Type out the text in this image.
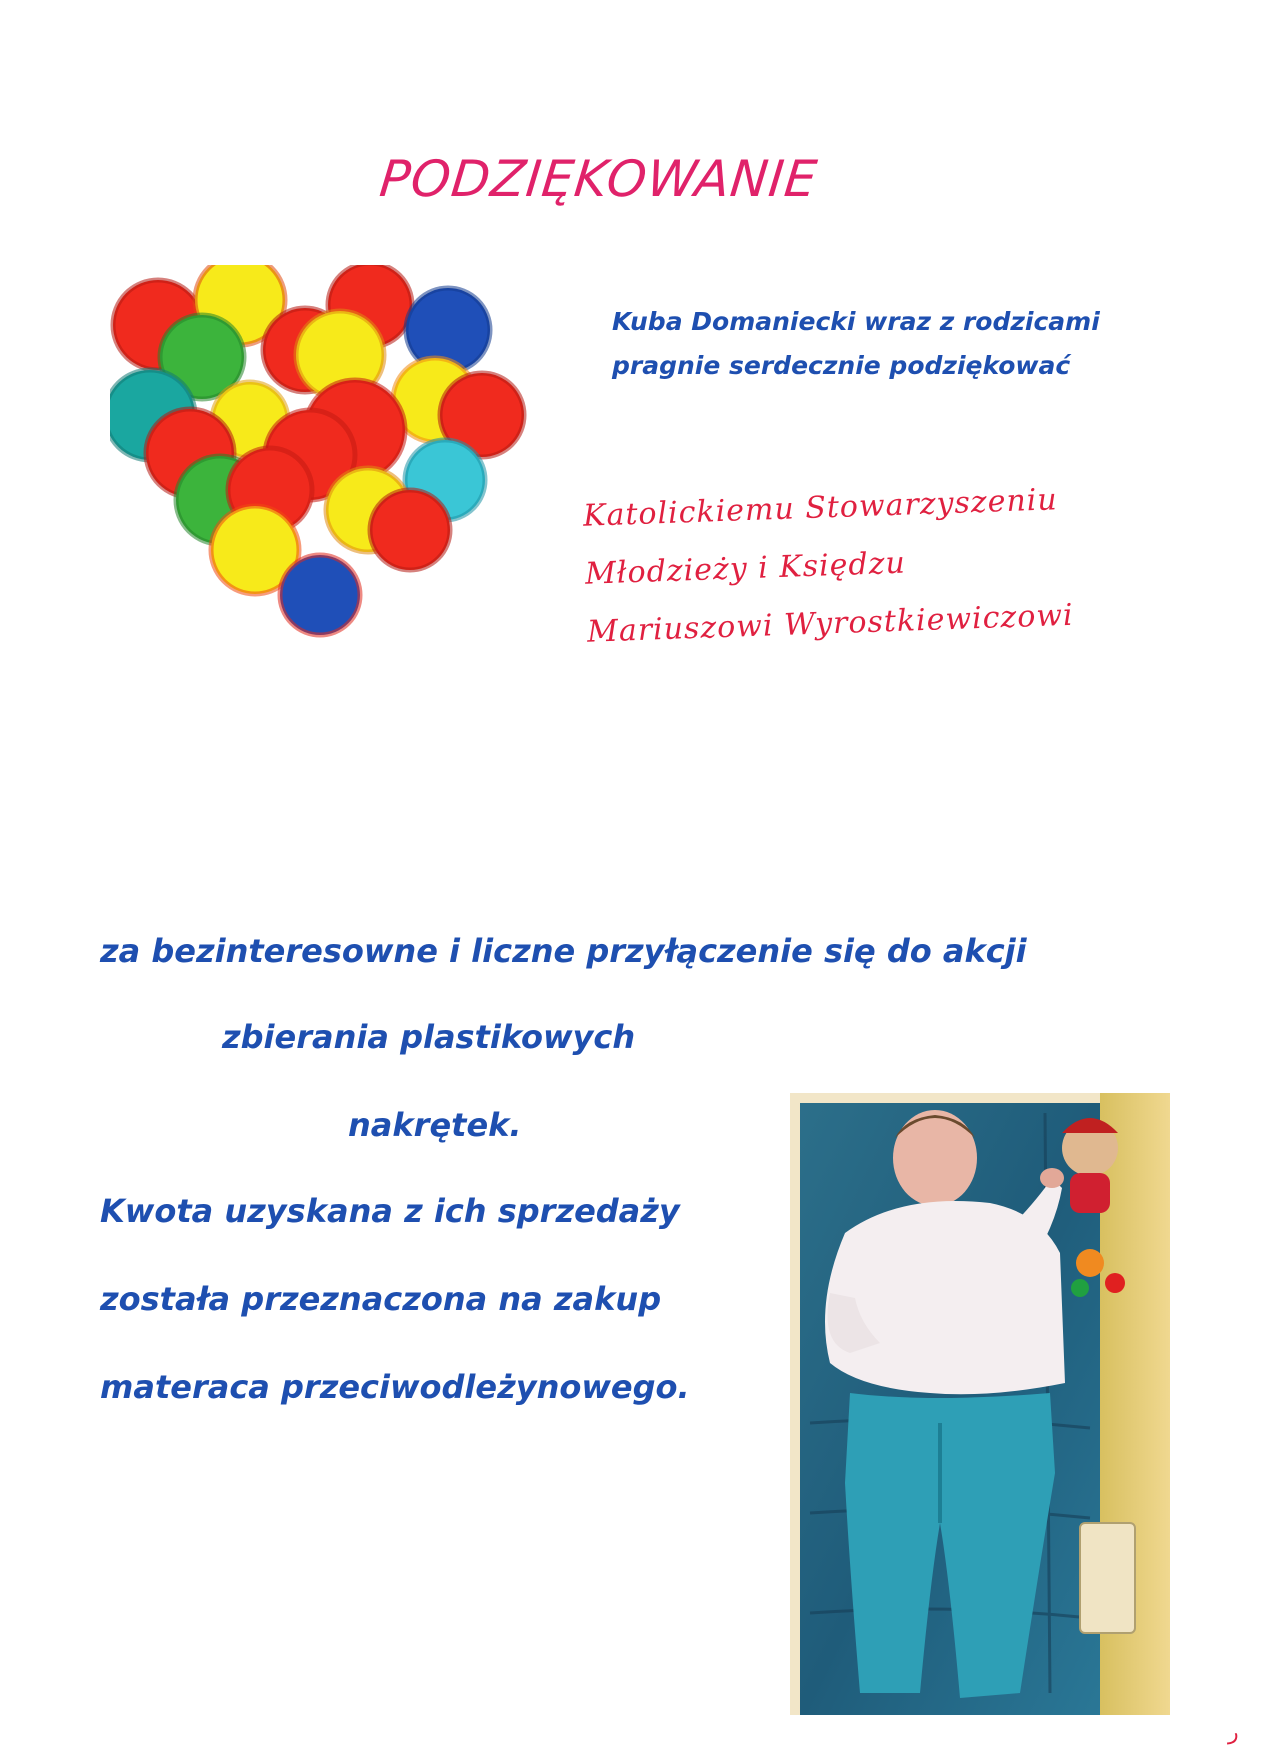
PODZIĘKOWANIE
Kuba Domaniecki wraz z rodzicami
pragnie serdecznie podziękować
Katolickiemu Stowarzyszeniu
Młodzieży i Księdzu
Mariuszowi Wyrostkiewiczowi
za bezinteresowne i liczne przyłączenie się do akcji
zbierania plastikowych
nakrętek.
Kwota uzyskana z ich sprzedaży
została przeznaczona na zakup
materaca przeciwodleżynowego.
ر
